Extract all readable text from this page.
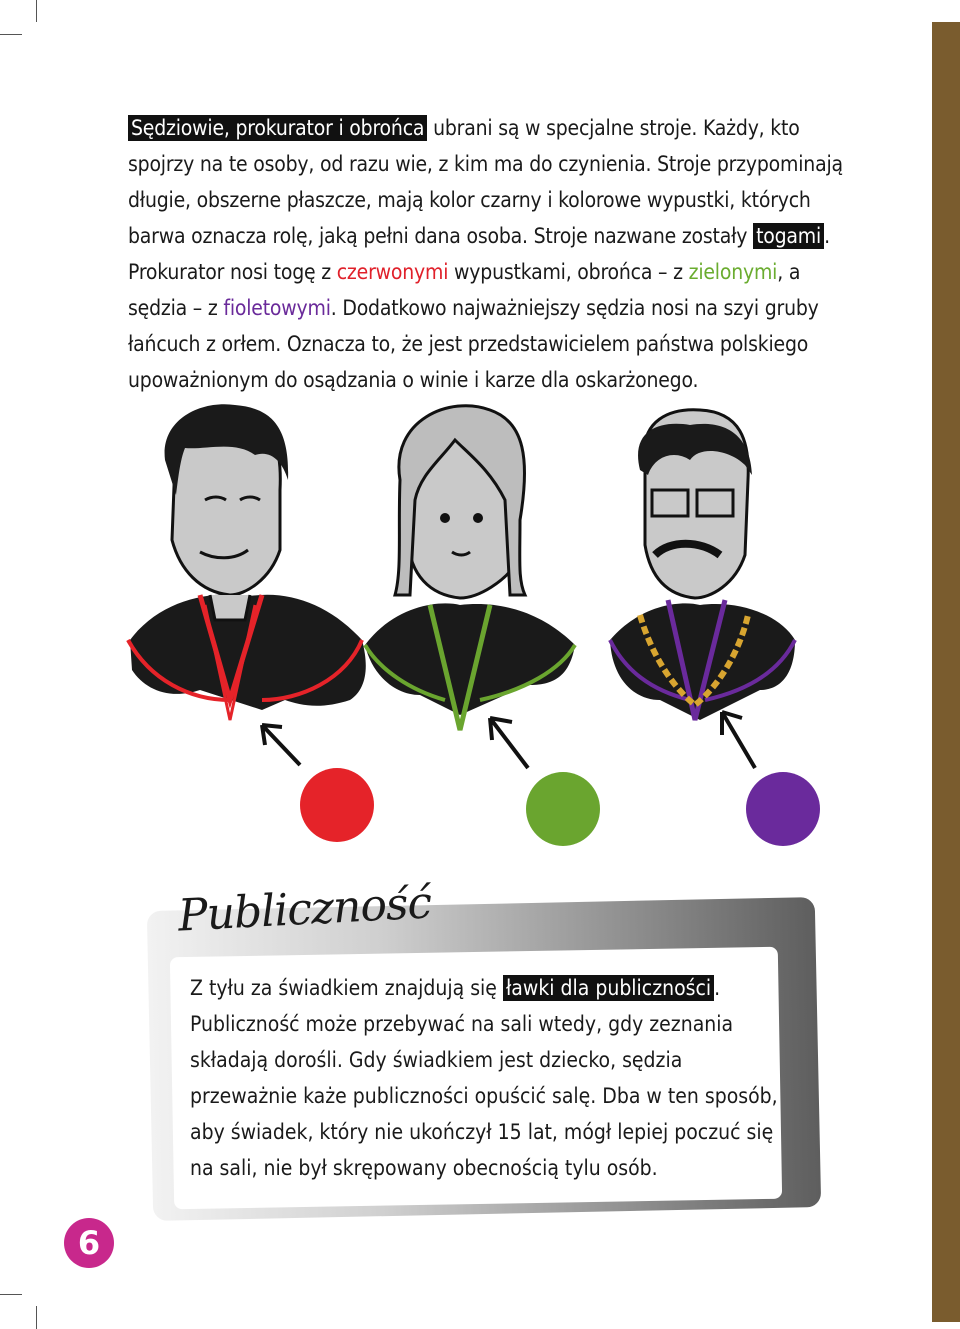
Sędziowie, prokurator i obrońca ubrani są w specjalne stroje. Każdy, kto spojrzy na te osoby, od razu wie, z kim ma do czynienia. Stroje przypominają długie, obszerne płaszcze, mają kolor czarny i kolorowe wypustki, których barwa oznacza rolę, jaką pełni dana osoba. Stroje nazwane zostały togami . Prokurator nosi togę z czerwonymi wypustkami, obrońca – z zielonymi, a sędzia – z fioletowymi. Dodatkowo najważniejszy sędzia nosi na szyi gruby łańcuch z orłem. Oznacza to, że jest przedstawicielem państwa polskiego upoważnionym do osądzania o winie i karze dla oskarżonego.

Publiczność

Z tyłu za świadkiem znajdują się ławki dla publiczności . Publiczność może przebywać na sali wtedy, gdy zeznania składają dorośli. Gdy świadkiem jest dziecko, sędzia przeważnie każe publiczności opuścić salę. Dba w ten sposób, aby świadek, który nie ukończył 15 lat, mógł lepiej poczuć się na sali, nie był skrępowany obecnością tylu osób.

6
